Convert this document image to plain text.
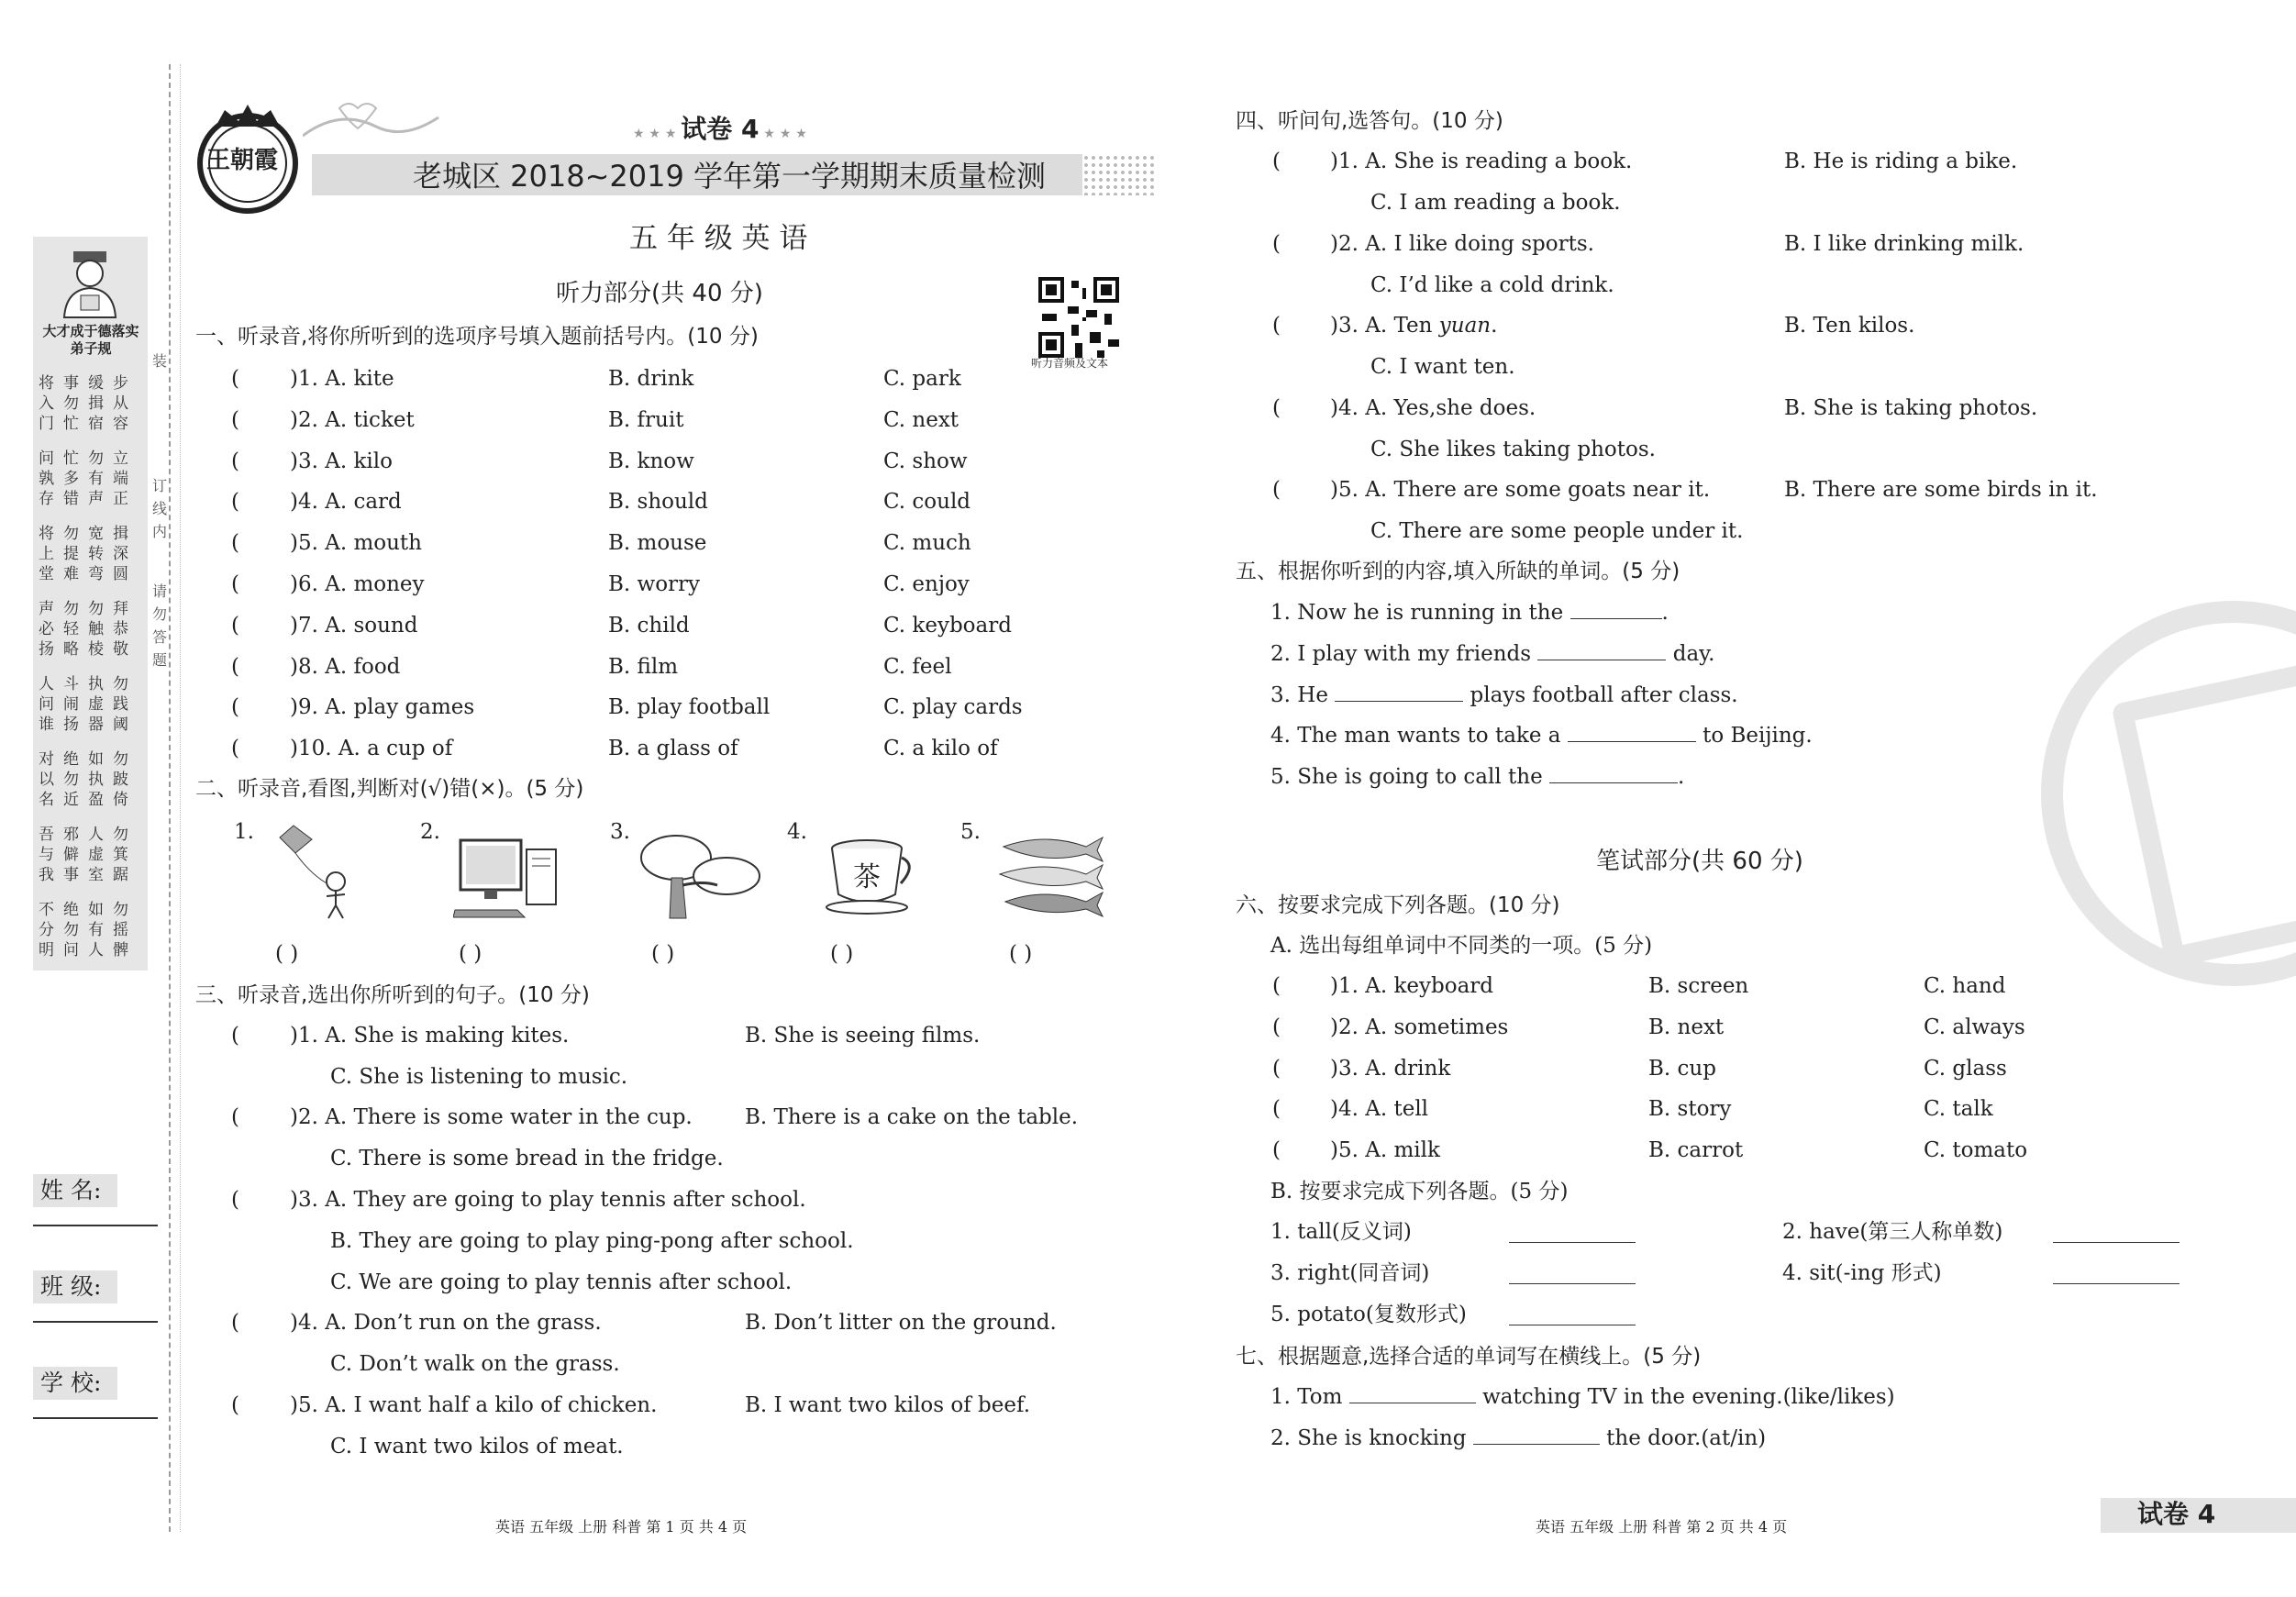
大才成于德落实弟子规
将事缓步
入勿揖从
门忙宿容
问忙勿立
孰多有端
存错声正
将勿宽揖
上提转深
堂难弯圆
声勿勿拜
必轻触恭
扬略棱敬
人斗执勿
问闹虚践
谁扬器阈
对绝如勿
以勿执跛
名近盈倚
吾邪人勿
与僻虚箕
我事室踞
不绝如勿
分勿有摇
明问人髀
装
订
线
内
请
勿
答
题
姓 名:
班 级:
学 校:
王朝霞
★ ★ ★ 试卷 4 ★ ★ ★
老城区 2018~2019 学年第一学期期末质量检测
五 年 级 英 语
听力部分(共 40 分)
听力音频及文本
一、听录音,将你所听到的选项序号填入题前括号内。(10 分)
( )1. A. kite	B. drink	C. park
( )2. A. ticket	B. fruit	C. next
( )3. A. kilo	B. know	C. show
( )4. A. card	B. should	C. could
( )5. A. mouth	B. mouse	C. much
( )6. A. money	B. worry	C. enjoy
( )7. A. sound	B. child	C. keyboard
( )8. A. food	B. film	C. feel
( )9. A. play games	B. play football	C. play cards
( )10. A. a cup of	B. a glass of	C. a kilo of
二、听录音,看图,判断对(√)错(×)。(5 分)
1.	2.	3.	4.	5.
茶
( )	( )	( )	( )	( )
三、听录音,选出你所听到的句子。(10 分)
( )1. A. She is making kites.	B. She is seeing films.
C. She is listening to music.
( )2. A. There is some water in the cup. B. There is a cake on the table.
C. There is some bread in the fridge.
( )3. A. They are going to play tennis after school.
B. They are going to play ping-pong after school.
C. We are going to play tennis after school.
( )4. A. Don’t run on the grass.	B. Don’t litter on the ground.
C. Don’t walk on the grass.
( )5. A. I want half a kilo of chicken.	B. I want two kilos of beef.
C. I want two kilos of meat.
英语 五年级 上册 科普 第 1 页 共 4 页
四、听问句,选答句。(10 分)
( )1. A. She is reading a book.	B. He is riding a bike.
C. I am reading a book.
( )2. A. I like doing sports.	B. I like drinking milk.
C. I’d like a cold drink.
( )3. A. Ten yuan.	B. Ten kilos.
C. I want ten.
( )4. A. Yes,she does.	B. She is taking photos.
C. She likes taking photos.
( )5. A. There are some goats near it.	B. There are some birds in it.
C. There are some people under it.
五、根据你听到的内容,填入所缺的单词。(5 分)
1. Now he is running in the	.
2. I play with my friends	day.
3. He	plays football after class.
4. The man wants to take a	to Beijing.
5. She is going to call the	.
笔试部分(共 60 分)
六、按要求完成下列各题。(10 分)
A. 选出每组单词中不同类的一项。(5 分)
( )1. A. keyboard	B. screen	C. hand
( )2. A. sometimes	B. next	C. always
( )3. A. drink	B. cup	C. glass
( )4. A. tell	B. story	C. talk
( )5. A. milk	B. carrot	C. tomato
B. 按要求完成下列各题。(5 分)
1. tall(反义词)	2. have(第三人称单数)
3. right(同音词)	4. sit(-ing 形式)
5. potato(复数形式)
七、根据题意,选择合适的单词写在横线上。(5 分)
1. Tom	watching TV in the evening.(like/likes)
2. She is knocking	the door.(at/in)
英语 五年级 上册 科普 第 2 页 共 4 页	试卷 4
